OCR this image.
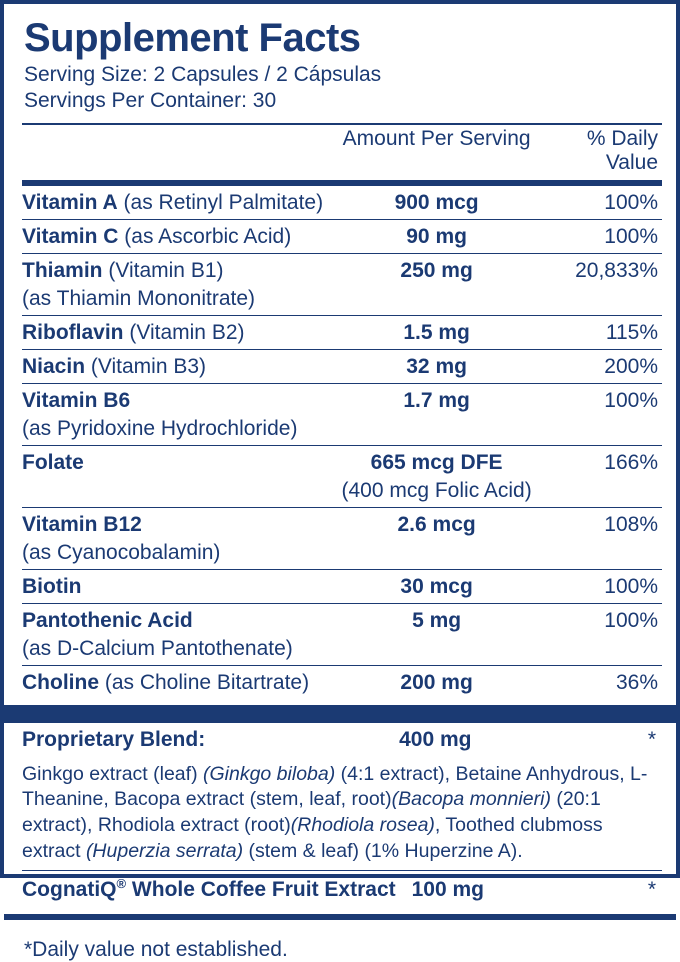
Supplement Facts
Serving Size: 2 Capsules / 2 Cápsulas
Servings Per Container: 30
	Amount Per Serving	% Daily Value
Vitamin A (as Retinyl Palmitate)	900 mcg	100%

Vitamin C (as Ascorbic Acid)	90 mg	100%

Thiamin (Vitamin B1)	250 mg	20,833%
(as Thiamin Mononitrate)		

Riboflavin (Vitamin B2)	1.5 mg	115%

Niacin (Vitamin B3)	32 mg	200%

Vitamin B6	1.7 mg	100%
(as Pyridoxine Hydrochloride)		

Folate	665 mcg DFE	166%
	(400 mcg Folic Acid)	

Vitamin B12	2.6 mcg	108%
(as Cyanocobalamin)		

Biotin	30 mcg	100%

Pantothenic Acid	5 mg	100%
(as D-Calcium Pantothenate)		

Choline (as Choline Bitartrate)	200 mg	36%
Proprietary Blend:	400 mg	*
Ginkgo extract (leaf) (Ginkgo biloba) (4:1 extract), Betaine Anhydrous, L-Theanine, Bacopa extract (stem, leaf, root)(Bacopa monnieri) (20:1 extract), Rhodiola extract (root)(Rhodiola rosea), Toothed clubmoss extract (Huperzia serrata) (stem & leaf) (1% Huperzine A).		

CognatiQ® Whole Coffee Fruit Extract 100 mg		*
*Daily value not established.
